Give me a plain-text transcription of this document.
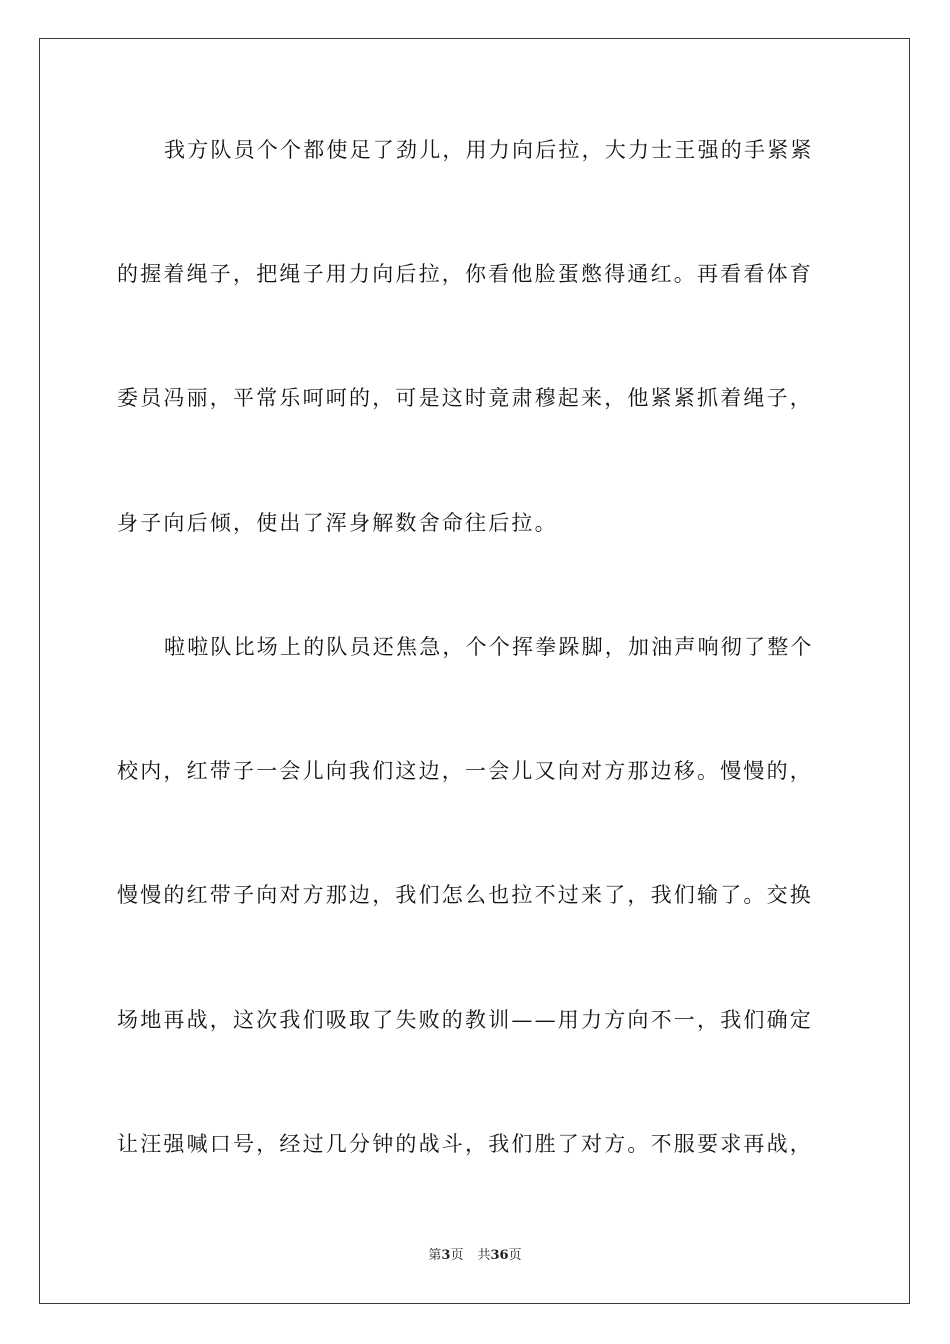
我方队员个个都使足了劲儿，用力向后拉，大力士王强的手紧紧
的握着绳子，把绳子用力向后拉，你看他脸蛋憋得通红。再看看体育
委员冯丽，平常乐呵呵的，可是这时竟肃穆起来，他紧紧抓着绳子，
身子向后倾，使出了浑身解数舍命往后拉。
啦啦队比场上的队员还焦急，个个挥拳跺脚，加油声响彻了整个
校内，红带子一会儿向我们这边，一会儿又向对方那边移。慢慢的，
慢慢的红带子向对方那边，我们怎么也拉不过来了，我们输了。交换
场地再战，这次我们吸取了失败的教训——用力方向不一，我们确定
让汪强喊口号，经过几分钟的战斗，我们胜了对方。不服要求再战，
第3页 共36页
